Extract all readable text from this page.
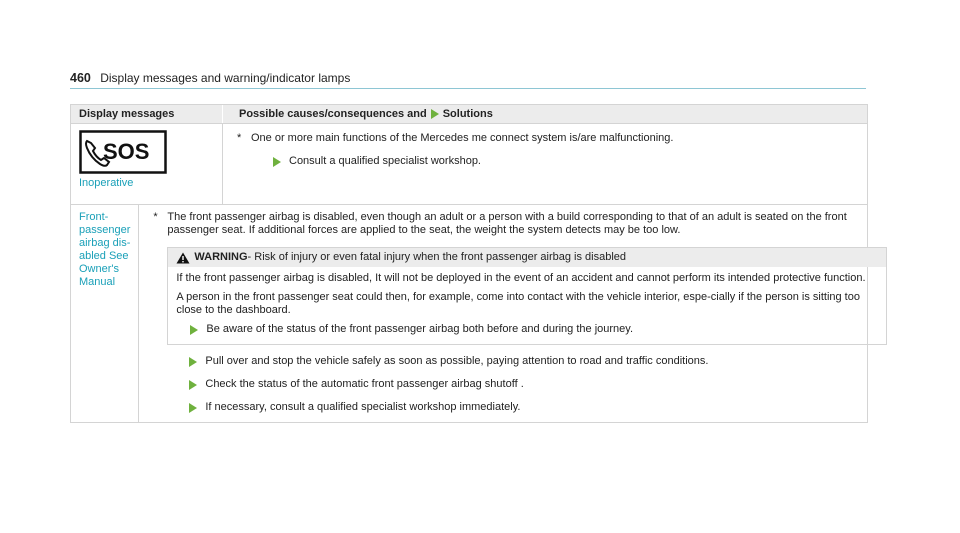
460 Display messages and warning/indicator lamps
Display messages	Possible causes/consequences and Solutions
SOS
Inoperative
* One or more main functions of the Mercedes me connect system is/are malfunctioning.
Consult a qualified specialist workshop.
Front-passenger airbag dis-
abled See Owner's Manual
* The front passenger airbag is disabled, even though an adult or a person with a build corresponding to that of an adult is seated on the front passenger seat. If additional forces are applied to the seat, the weight the system detects may be too low.
WARNING - Risk of injury or even fatal injury when the front passenger airbag is disabled

If the front passenger airbag is disabled, It will not be deployed in the event of an accident and cannot perform its intended protective function.

A person in the front passenger seat could then, for example, come into contact with the vehicle interior, espe-cially if the person is sitting too close to the dashboard.

Be aware of the status of the front passenger airbag both before and during the journey.
Pull over and stop the vehicle safely as soon as possible, paying attention to road and traffic conditions.
Check the status of the automatic front passenger airbag shutoff .
If necessary, consult a qualified specialist workshop immediately.
